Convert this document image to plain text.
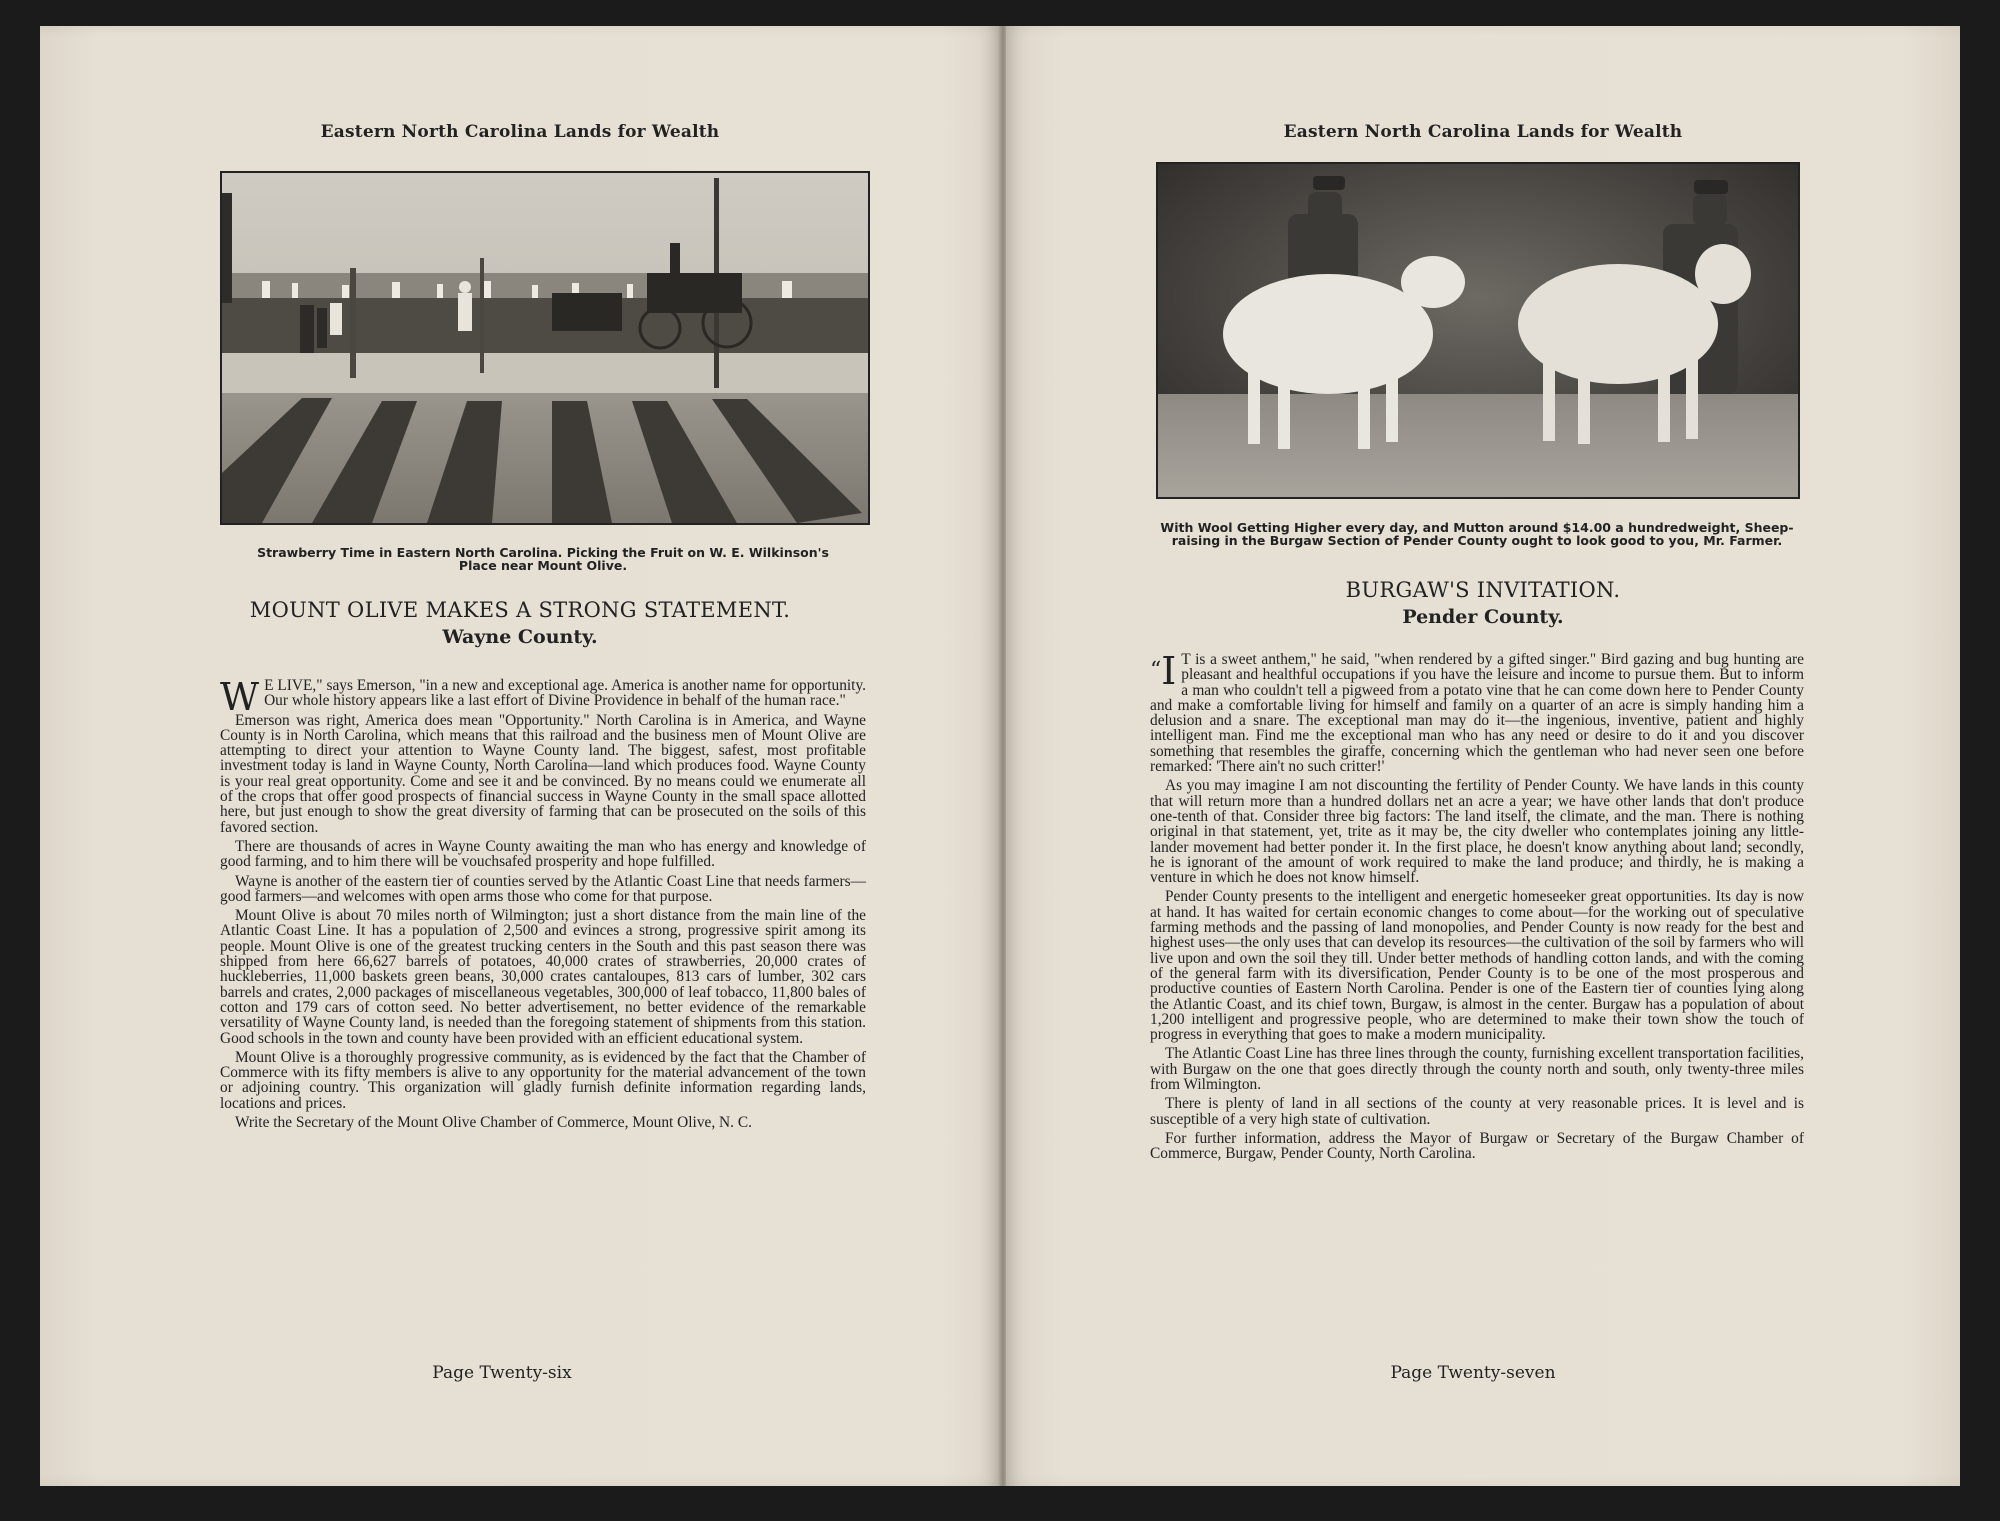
Eastern North Carolina Lands for Wealth
Strawberry Time in Eastern North Carolina. Picking the Fruit on W. E. Wilkinson's
Place near Mount Olive.
MOUNT OLIVE MAKES A STRONG STATEMENT.
Wayne County.

W E LIVE," says Emerson, "in a new and exceptional age. America is another name for opportunity. Our whole history appears like a last effort of Divine Providence in behalf of the human race."

Emerson was right, America does mean "Opportunity." North Carolina is in America, and Wayne County is in North Carolina, which means that this railroad and the business men of Mount Olive are attempting to direct your attention to Wayne County land. The biggest, safest, most profitable investment today is land in Wayne County, North Carolina—land which produces food. Wayne County is your real great opportunity. Come and see it and be convinced. By no means could we enumerate all of the crops that offer good prospects of financial success in Wayne County in the small space allotted here, but just enough to show the great diversity of farming that can be prosecuted on the soils of this favored section.

There are thousands of acres in Wayne County awaiting the man who has energy and knowledge of good farming, and to him there will be vouchsafed prosperity and hope fulfilled.

Wayne is another of the eastern tier of counties served by the Atlantic Coast Line that needs farmers—good farmers—and welcomes with open arms those who come for that purpose.

Mount Olive is about 70 miles north of Wilmington; just a short distance from the main line of the Atlantic Coast Line. It has a population of 2,500 and evinces a strong, progressive spirit among its people. Mount Olive is one of the greatest trucking centers in the South and this past season there was shipped from here 66,627 barrels of potatoes, 40,000 crates of strawberries, 20,000 crates of huckleberries, 11,000 baskets green beans, 30,000 crates cantaloupes, 813 cars of lumber, 302 cars barrels and crates, 2,000 packages of miscellaneous vegetables, 300,000 of leaf tobacco, 11,800 bales of cotton and 179 cars of cotton seed. No better advertisement, no better evidence of the remarkable versatility of Wayne County land, is needed than the foregoing statement of shipments from this station. Good schools in the town and county have been provided with an efficient educational system.

Mount Olive is a thoroughly progressive community, as is evidenced by the fact that the Chamber of Commerce with its fifty members is alive to any opportunity for the material advancement of the town or adjoining country. This organization will gladly furnish definite information regarding lands, locations and prices.

Write the Secretary of the Mount Olive Chamber of Commerce, Mount Olive, N. C.

Page Twenty-six
Eastern North Carolina Lands for Wealth
With Wool Getting Higher every day, and Mutton around $14.00 a hundredweight, Sheep-
raising in the Burgaw Section of Pender County ought to look good to you, Mr. Farmer.
BURGAW'S INVITATION.
Pender County.

“I T is a sweet anthem," he said, "when rendered by a gifted singer." Bird gazing and bug hunting are pleasant and healthful occupations if you have the leisure and income to pursue them. But to inform a man who couldn't tell a pigweed from a potato vine that he can come down here to Pender County and make a comfortable living for himself and family on a quarter of an acre is simply handing him a delusion and a snare. The exceptional man may do it—the ingenious, inventive, patient and highly intelligent man. Find me the exceptional man who has any need or desire to do it and you discover something that resembles the giraffe, concerning which the gentleman who had never seen one before remarked: 'There ain't no such critter!'

As you may imagine I am not discounting the fertility of Pender County. We have lands in this county that will return more than a hundred dollars net an acre a year; we have other lands that don't produce one-tenth of that. Consider three big factors: The land itself, the climate, and the man. There is nothing original in that statement, yet, trite as it may be, the city dweller who contemplates joining any little-lander movement had better ponder it. In the first place, he doesn't know anything about land; secondly, he is ignorant of the amount of work required to make the land produce; and thirdly, he is making a venture in which he does not know himself.

Pender County presents to the intelligent and energetic homeseeker great opportunities. Its day is now at hand. It has waited for certain economic changes to come about—for the working out of speculative farming methods and the passing of land monopolies, and Pender County is now ready for the best and highest uses—the only uses that can develop its resources—the cultivation of the soil by farmers who will live upon and own the soil they till. Under better methods of handling cotton lands, and with the coming of the general farm with its diversification, Pender County is to be one of the most prosperous and productive counties of Eastern North Carolina. Pender is one of the Eastern tier of counties lying along the Atlantic Coast, and its chief town, Burgaw, is almost in the center. Burgaw has a population of about 1,200 intelligent and progressive people, who are determined to make their town show the touch of progress in everything that goes to make a modern municipality.

The Atlantic Coast Line has three lines through the county, furnishing excellent transportation facilities, with Burgaw on the one that goes directly through the county north and south, only twenty-three miles from Wilmington.

There is plenty of land in all sections of the county at very reasonable prices. It is level and is susceptible of a very high state of cultivation.

For further information, address the Mayor of Burgaw or Secretary of the Burgaw Chamber of Commerce, Burgaw, Pender County, North Carolina.

Page Twenty-seven
